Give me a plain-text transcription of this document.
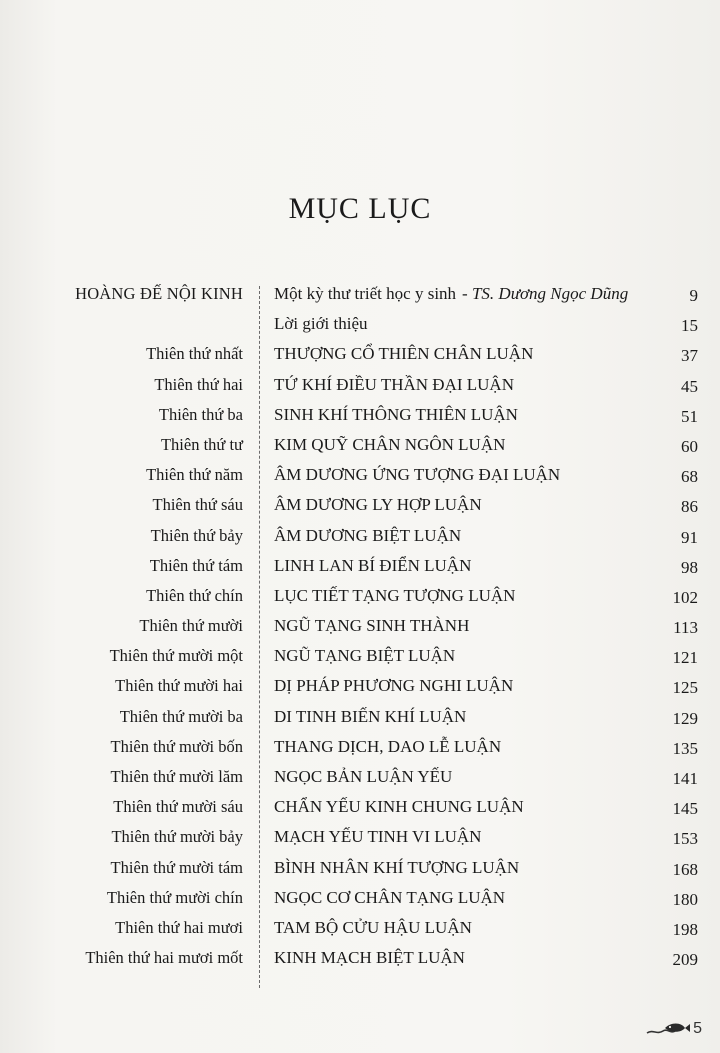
MỤC LỤC
HOÀNG ĐẾ NỘI KINH Một kỳ thư triết học y sinh - TS. Dương Ngọc Dũng	9
Lời giới thiệu	15
Thiên thứ nhất THƯỢNG CỔ THIÊN CHÂN LUẬN	37
Thiên thứ hai TỨ KHÍ ĐIỀU THẦN ĐẠI LUẬN	45
Thiên thứ ba SINH KHÍ THÔNG THIÊN LUẬN	51
Thiên thứ tư KIM QUỸ CHÂN NGÔN LUẬN	60
Thiên thứ năm ÂM DƯƠNG ỨNG TƯỢNG ĐẠI LUẬN	68
Thiên thứ sáu ÂM DƯƠNG LY HỢP LUẬN	86
Thiên thứ bảy ÂM DƯƠNG BIỆT LUẬN	91
Thiên thứ tám LINH LAN BÍ ĐIỂN LUẬN	98
Thiên thứ chín LỤC TIẾT TẠNG TƯỢNG LUẬN	102
Thiên thứ mười NGŨ TẠNG SINH THÀNH	113
Thiên thứ mười một NGŨ TẠNG BIỆT LUẬN	121
Thiên thứ mười hai DỊ PHÁP PHƯƠNG NGHI LUẬN	125
Thiên thứ mười ba DI TINH BIẾN KHÍ LUẬN	129
Thiên thứ mười bốn THANG DỊCH, DAO LỄ LUẬN	135
Thiên thứ mười lăm NGỌC BẢN LUẬN YẾU	141
Thiên thứ mười sáu CHẨN YẾU KINH CHUNG LUẬN	145
Thiên thứ mười bảy MẠCH YẾU TINH VI LUẬN	153
Thiên thứ mười tám BÌNH NHÂN KHÍ TƯỢNG LUẬN	168
Thiên thứ mười chín NGỌC CƠ CHÂN TẠNG LUẬN	180
Thiên thứ hai mươi TAM BỘ CỬU HẬU LUẬN	198
Thiên thứ hai mươi mốt KINH MẠCH BIỆT LUẬN	209
5
